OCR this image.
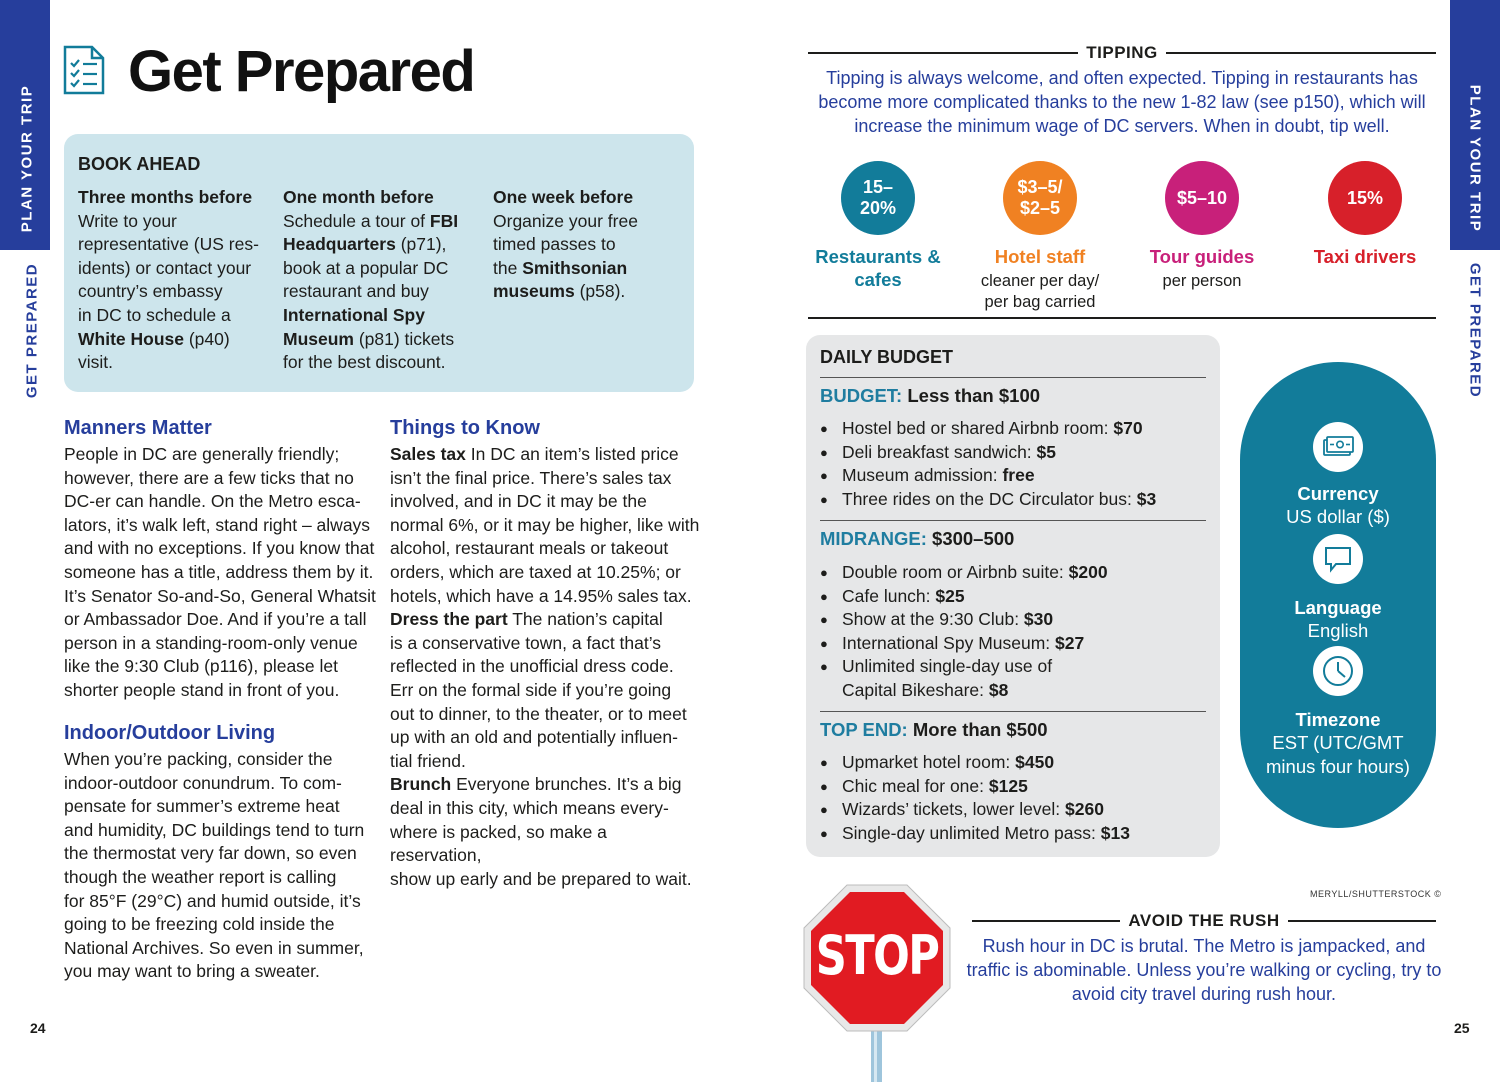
PLAN YOUR TRIP
GET PREPARED
24
PLAN YOUR TRIP
GET PREPARED
25
Get Prepared
BOOK AHEAD
Three months before
Write to your
representative (US res-
idents) or contact your
country’s embassy
in DC to schedule a
White House (p40)
visit.
One month before
Schedule a tour of FBI
Headquarters (p71),
book at a popular DC
restaurant and buy
International Spy
Museum (p81) tickets
for the best discount.
One week before
Organize your free
timed passes to
the Smithsonian
museums (p58).
Manners Matter
People in DC are generally friendly;
however, there are a few ticks that no
DC-er can handle. On the Metro esca-
lators, it’s walk left, stand right – always
and with no exceptions. If you know that
someone has a title, address them by it.
It’s Senator So-and-So, General Whatsit
or Ambassador Doe. And if you’re a tall
person in a standing-room-only venue
like the 9:30 Club (p116), please let
shorter people stand in front of you.
Indoor/Outdoor Living
When you’re packing, consider the
indoor-outdoor conundrum. To com-
pensate for summer’s extreme heat
and humidity, DC buildings tend to turn
the thermostat very far down, so even
though the weather report is calling
for 85°F (29°C) and humid outside, it’s
going to be freezing cold inside the
National Archives. So even in summer,
you may want to bring a sweater.
Things to Know
Sales tax In DC an item’s listed price
isn’t the final price. There’s sales tax
involved, and in DC it may be the
normal 6%, or it may be higher, like with
alcohol, restaurant meals or takeout
orders, which are taxed at 10.25%; or
hotels, which have a 14.95% sales tax.
Dress the part The nation’s capital
is a conservative town, a fact that’s
reflected in the unofficial dress code.
Err on the formal side if you’re going
out to dinner, to the theater, or to meet
up with an old and potentially influen-
tial friend.
Brunch Everyone brunches. It’s a big
deal in this city, which means every-
where is packed, so make a reservation,
show up early and be prepared to wait.
TIPPING
Tipping is always welcome, and often expected. Tipping in restaurants has
become more complicated thanks to the new 1-82 law (see p150), which will
increase the minimum wage of DC servers. When in doubt, tip well.
15–
20%
Restaurants &
cafes
$3–5/
$2–5
Hotel staff
cleaner per day/
per bag carried
$5–10
Tour guides
per person
15%
Taxi drivers
DAILY BUDGET
BUDGET: Less than $100
● Hostel bed or shared Airbnb room: $70
● Deli breakfast sandwich: $5
● Museum admission: free
● Three rides on the DC Circulator bus: $3
MIDRANGE: $300–500
● Double room or Airbnb suite: $200
● Cafe lunch: $25
● Show at the 9:30 Club: $30
● International Spy Museum: $27
● Unlimited single-day use of
Capital Bikeshare: $8
TOP END: More than $500
● Upmarket hotel room: $450
● Chic meal for one: $125
● Wizards’ tickets, lower level: $260
● Single-day unlimited Metro pass: $13
Currency
US dollar ($)
Language
English
Timezone
EST (UTC/GMT
minus four hours)
STOP
MERYLL/SHUTTERSTOCK ©
AVOID THE RUSH
Rush hour in DC is brutal. The Metro is jampacked, and
traffic is abominable. Unless you’re walking or cycling, try to
avoid city travel during rush hour.
